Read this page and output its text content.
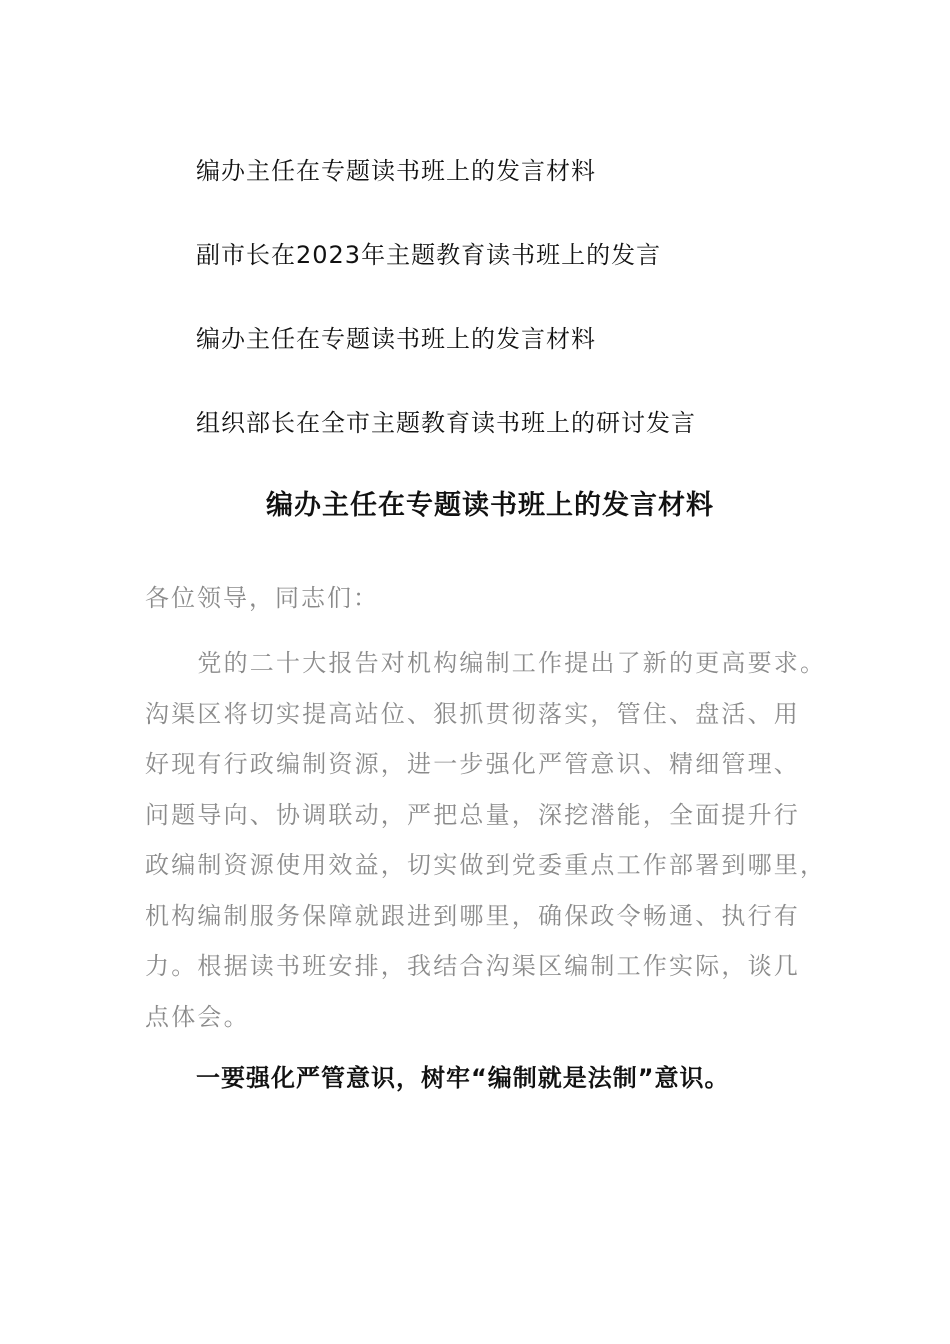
编办主任在专题读书班上的发言材料
副市长在2023年主题教育读书班上的发言
编办主任在专题读书班上的发言材料
组织部长在全市主题教育读书班上的研讨发言
编办主任在专题读书班上的发言材料
各位领导，同志们：
　　党的二十大报告对机构编制工作提出了新的更高要求。
沟渠区将切实提高站位、狠抓贯彻落实，管住、盘活、用
好现有行政编制资源，进一步强化严管意识、精细管理、
问题导向、协调联动，严把总量，深挖潜能，全面提升行
政编制资源使用效益，切实做到党委重点工作部署到哪里，
机构编制服务保障就跟进到哪里，确保政令畅通、执行有
力。根据读书班安排，我结合沟渠区编制工作实际，谈几
点体会。
一要强化严管意识，树牢“编制就是法制”意识。
